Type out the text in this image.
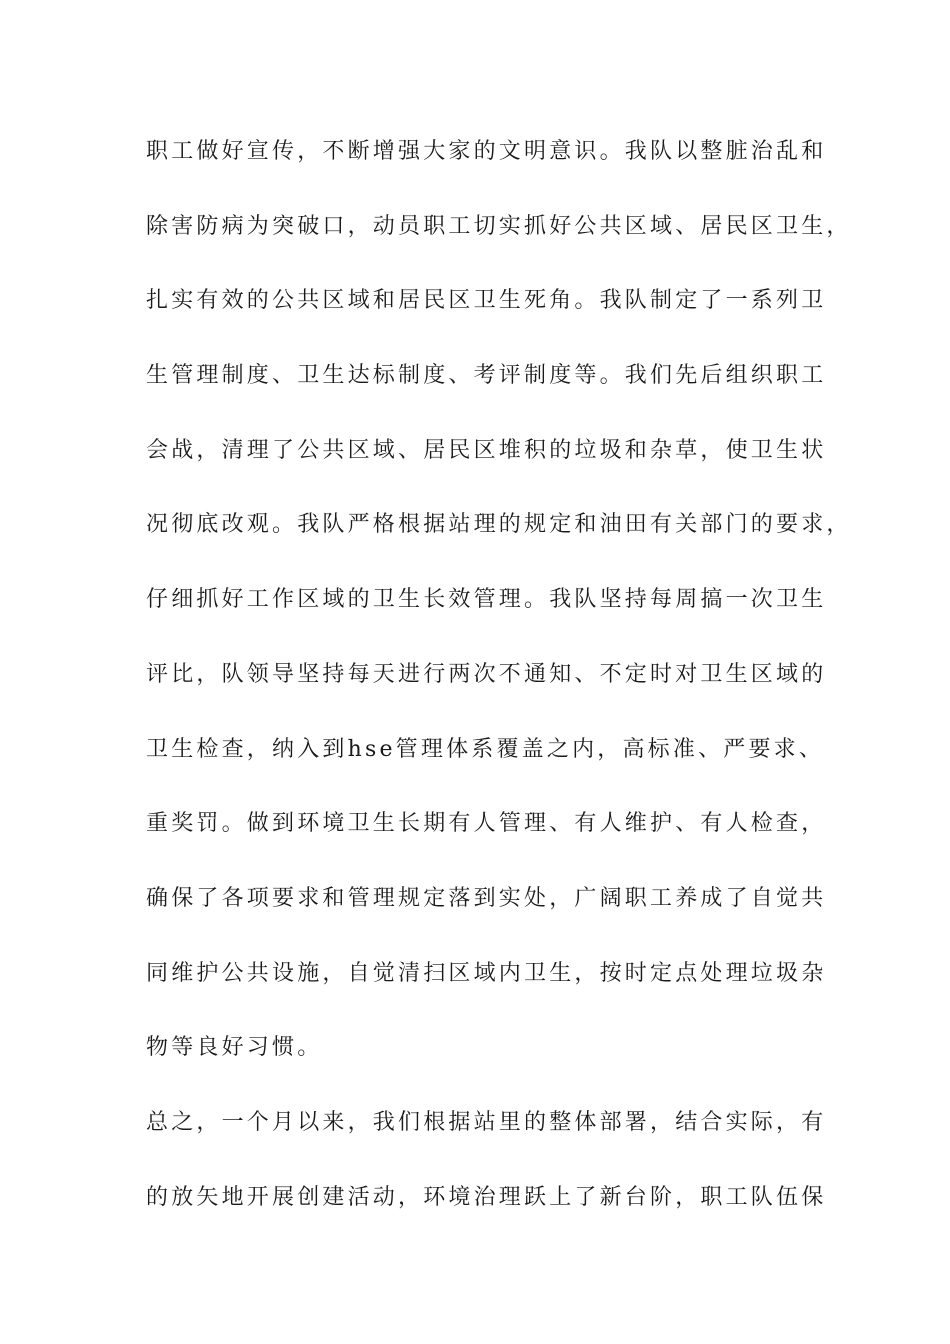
职工做好宣传，不断增强大家的文明意识。我队以整脏治乱和
除害防病为突破口，动员职工切实抓好公共区域、居民区卫生，
扎实有效的公共区域和居民区卫生死角。我队制定了一系列卫
生管理制度、卫生达标制度、考评制度等。我们先后组织职工
会战，清理了公共区域、居民区堆积的垃圾和杂草，使卫生状
况彻底改观。我队严格根据站理的规定和油田有关部门的要求，
仔细抓好工作区域的卫生长效管理。我队坚持每周搞一次卫生
评比，队领导坚持每天进行两次不通知、不定时对卫生区域的
卫生检查，纳入到hse管理体系覆盖之内，高标准、严要求、
重奖罚。做到环境卫生长期有人管理、有人维护、有人检查，
确保了各项要求和管理规定落到实处，广阔职工养成了自觉共
同维护公共设施，自觉清扫区域内卫生，按时定点处理垃圾杂
物等良好习惯。
总之，一个月以来，我们根据站里的整体部署，结合实际，有
的放矢地开展创建活动，环境治理跃上了新台阶，职工队伍保
